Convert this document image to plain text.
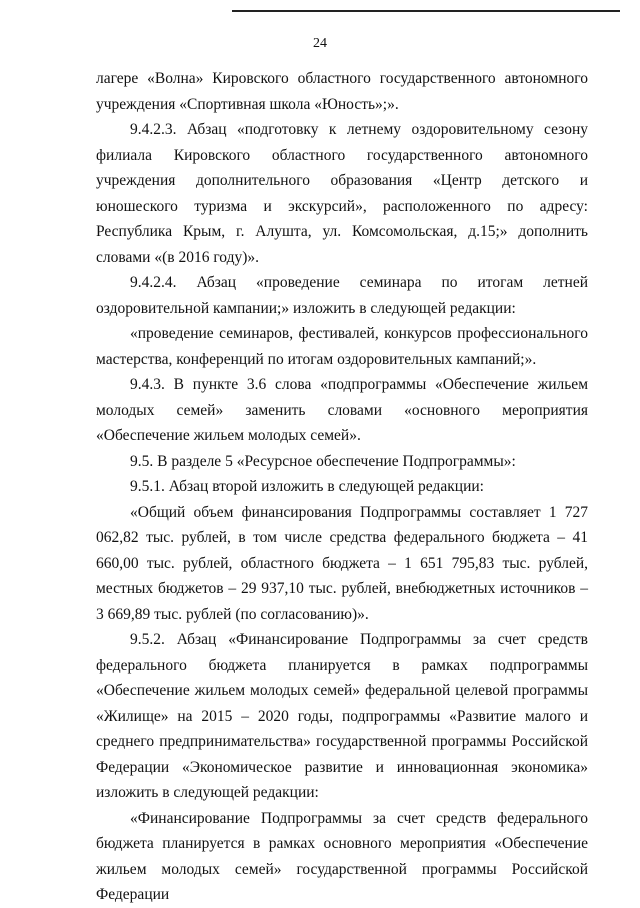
24

лагере «Волна» Кировского областного государственного автономного учреждения «Спортивная школа «Юность»;».

9.4.2.3. Абзац «подготовку к летнему оздоровительному сезону филиала Кировского областного государственного автономного учреждения дополнительного образования «Центр детского и юношеского туризма и экскурсий», расположенного по адресу: Республика Крым, г. Алушта, ул. Комсомольская, д.15;» дополнить словами «(в 2016 году)».

9.4.2.4. Абзац «проведение семинара по итогам летней оздоровительной кампании;» изложить в следующей редакции:

«проведение семинаров, фестивалей, конкурсов профессионального мастерства, конференций по итогам оздоровительных кампаний;».

9.4.3. В пункте 3.6 слова «подпрограммы «Обеспечение жильем молодых семей» заменить словами «основного мероприятия «Обеспечение жильем молодых семей».

9.5. В разделе 5 «Ресурсное обеспечение Подпрограммы»:

9.5.1. Абзац второй изложить в следующей редакции:

«Общий объем финансирования Подпрограммы составляет 1 727 062,82 тыс. рублей, в том числе средства федерального бюджета – 41 660,00 тыс. рублей, областного бюджета – 1 651 795,83 тыс. рублей, местных бюджетов – 29 937,10 тыс. рублей, внебюджетных источников – 3 669,89 тыс. рублей (по согласованию)».

9.5.2. Абзац «Финансирование Подпрограммы за счет средств федерального бюджета планируется в рамках подпрограммы «Обеспечение жильем молодых семей» федеральной целевой программы «Жилище» на 2015 – 2020 годы, подпрограммы «Развитие малого и среднего предпринимательства» государственной программы Российской Федерации «Экономическое развитие и инновационная экономика» изложить в следующей редакции:

«Финансирование Подпрограммы за счет средств федерального бюджета планируется в рамках основного мероприятия «Обеспечение жильем молодых семей» государственной программы Российской Федерации
